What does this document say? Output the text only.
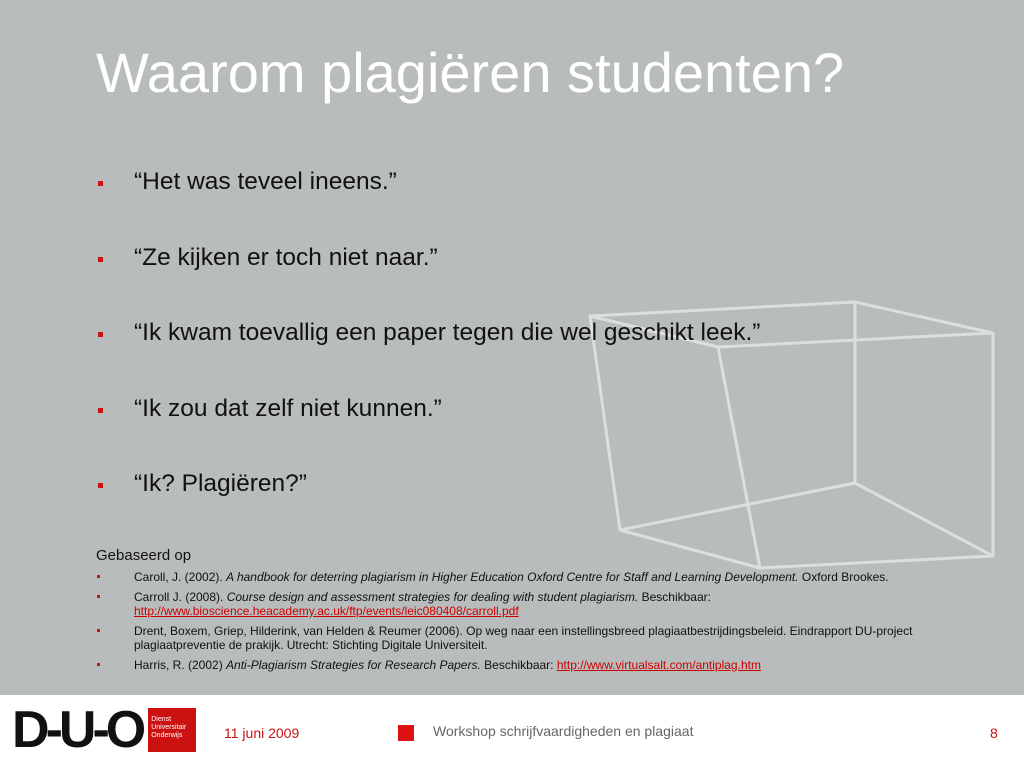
Waarom plagiëren studenten?
“Het was teveel ineens.”
“Ze kijken er toch niet naar.”
“Ik kwam toevallig een paper tegen die wel geschikt leek.”
“Ik zou dat zelf niet kunnen.”
“Ik? Plagiëren?”
Gebaseerd op
Caroll, J. (2002). A handbook for deterring plagiarism in Higher Education Oxford Centre for Staff and Learning Development. Oxford Brookes.
Carroll J. (2008). Course design and assessment strategies for dealing with student plagiarism. Beschikbaar: http://www.bioscience.heacademy.ac.uk/ftp/events/leic080408/carroll.pdf
Drent, Boxem, Griep, Hilderink, van Helden & Reumer (2006). Op weg naar een instellingsbreed plagiaatbestrijdingsbeleid. Eindrapport DU-project plagiaatpreventie de prakijk. Utrecht: Stichting Digitale Universiteit.
Harris, R. (2002) Anti-Plagiarism Strategies for Research Papers. Beschikbaar: http://www.virtualsalt.com/antiplag.htm
D - U - O Dienst
Universitair
Onderwijs	11 juni 2009	Workshop schrijfvaardigheden en plagiaat	8
